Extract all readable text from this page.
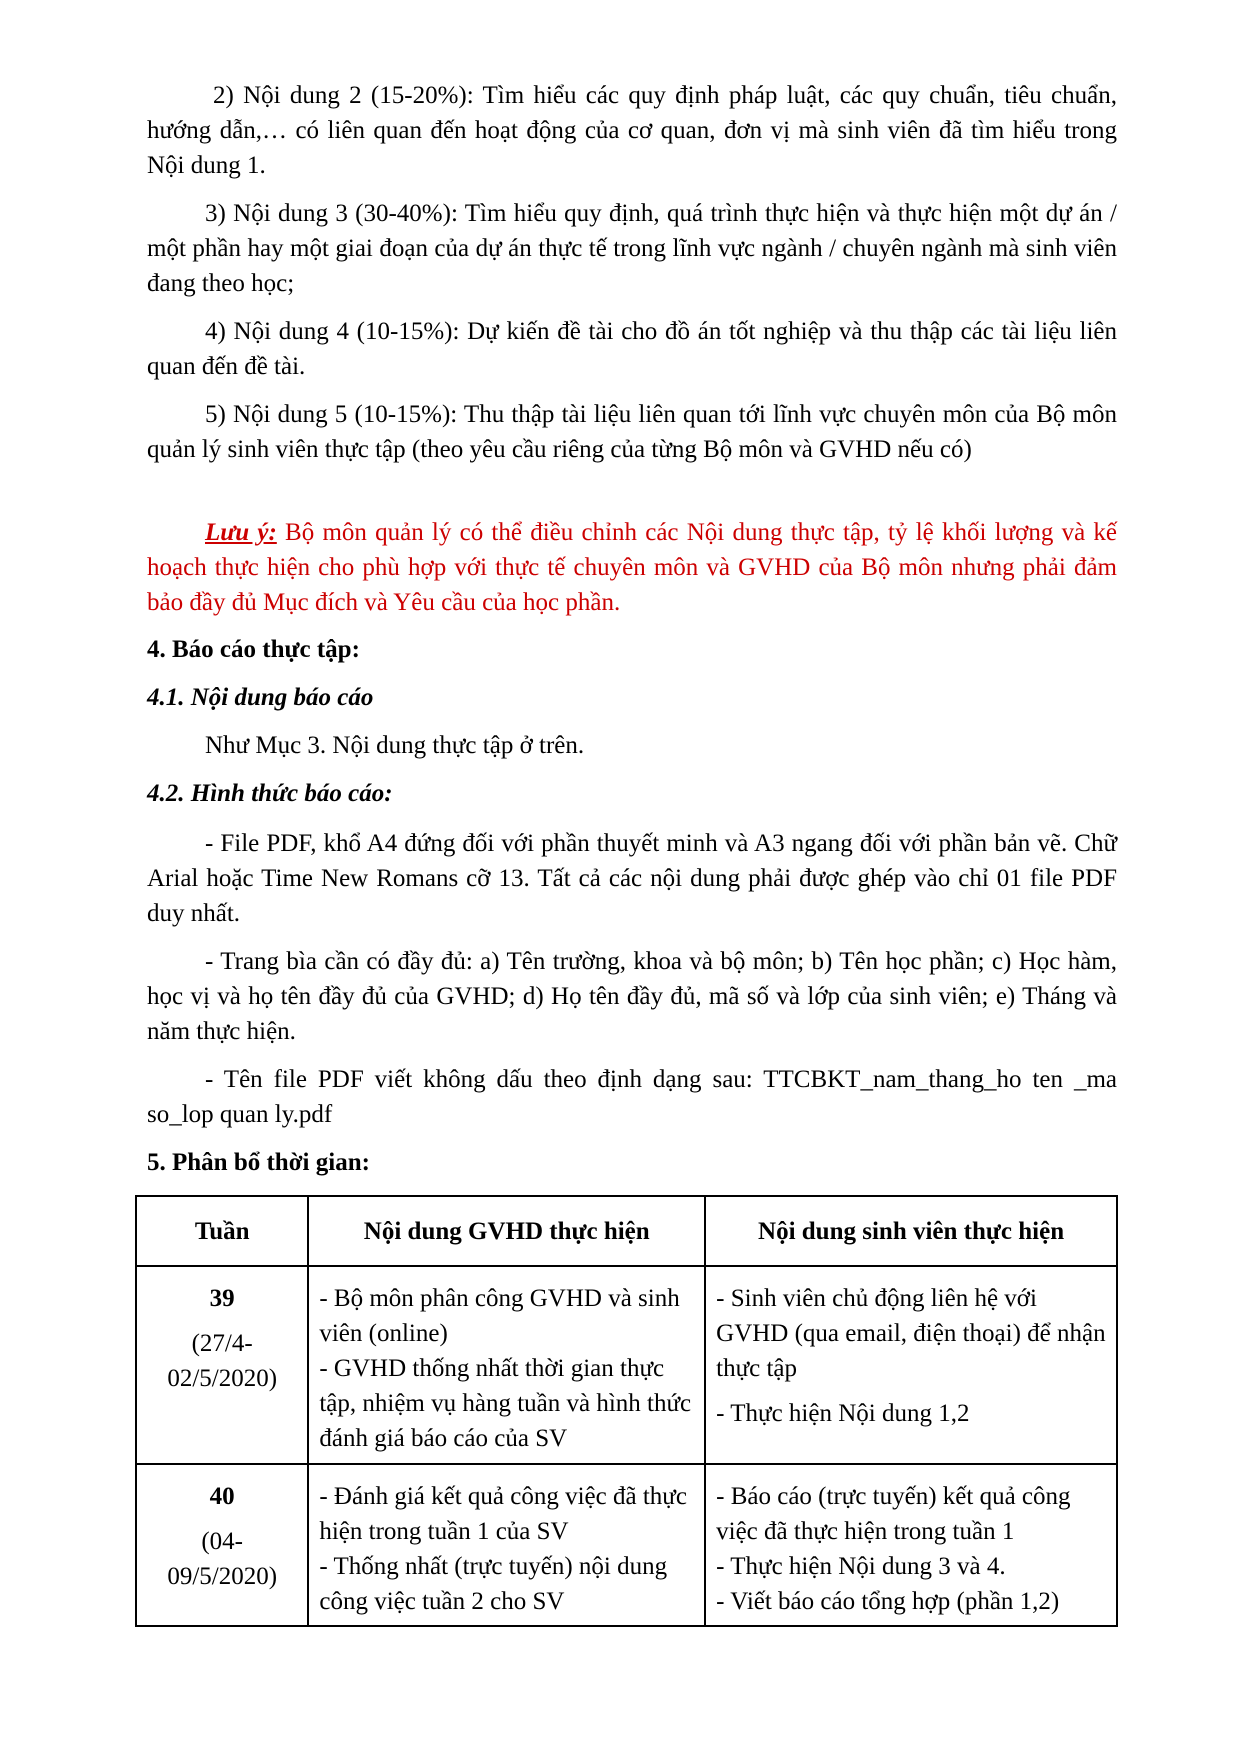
2) Nội dung 2 (15-20%): Tìm hiểu các quy định pháp luật, các quy chuẩn, tiêu chuẩn, hướng dẫn,… có liên quan đến hoạt động của cơ quan, đơn vị mà sinh viên đã tìm hiểu trong Nội dung 1.

3) Nội dung 3 (30-40%): Tìm hiểu quy định, quá trình thực hiện và thực hiện một dự án / một phần hay một giai đoạn của dự án thực tế trong lĩnh vực ngành / chuyên ngành mà sinh viên đang theo học;

4) Nội dung 4 (10-15%): Dự kiến đề tài cho đồ án tốt nghiệp và thu thập các tài liệu liên quan đến đề tài.

5) Nội dung 5 (10-15%): Thu thập tài liệu liên quan tới lĩnh vực chuyên môn của Bộ môn quản lý sinh viên thực tập (theo yêu cầu riêng của từng Bộ môn và GVHD nếu có)

Lưu ý: Bộ môn quản lý có thể điều chỉnh các Nội dung thực tập, tỷ lệ khối lượng và kế hoạch thực hiện cho phù hợp với thực tế chuyên môn và GVHD của Bộ môn nhưng phải đảm bảo đầy đủ Mục đích và Yêu cầu của học phần.

4. Báo cáo thực tập:

4.1. Nội dung báo cáo

Như Mục 3. Nội dung thực tập ở trên.

4.2. Hình thức báo cáo:

- File PDF, khổ A4 đứng đối với phần thuyết minh và A3 ngang đối với phần bản vẽ. Chữ Arial hoặc Time New Romans cỡ 13. Tất cả các nội dung phải được ghép vào chỉ 01 file PDF duy nhất.

- Trang bìa cần có đầy đủ: a) Tên trường, khoa và bộ môn; b) Tên học phần; c) Học hàm, học vị và họ tên đầy đủ của GVHD; d) Họ tên đầy đủ, mã số và lớp của sinh viên; e) Tháng và năm thực hiện.

- Tên file PDF viết không dấu theo định dạng sau: TTCBKT_nam_thang_ho ten _ma so_lop quan ly.pdf

5. Phân bổ thời gian:

Tuần	Nội dung GVHD thực hiện	Nội dung sinh viên thực hiện

39
(27/4-02/5/2020)	- Bộ môn phân công GVHD và sinh viên (online)
- GVHD thống nhất thời gian thực tập, nhiệm vụ hàng tuần và hình thức đánh giá báo cáo của SV	- Sinh viên chủ động liên hệ với GVHD (qua email, điện thoại) để nhận thực tập
- Thực hiện Nội dung 1,2

40
(04-09/5/2020)	- Đánh giá kết quả công việc đã thực hiện trong tuần 1 của SV
- Thống nhất (trực tuyến) nội dung công việc tuần 2 cho SV	- Báo cáo (trực tuyến) kết quả công việc đã thực hiện trong tuần 1
- Thực hiện Nội dung 3 và 4.
- Viết báo cáo tổng hợp (phần 1,2)
